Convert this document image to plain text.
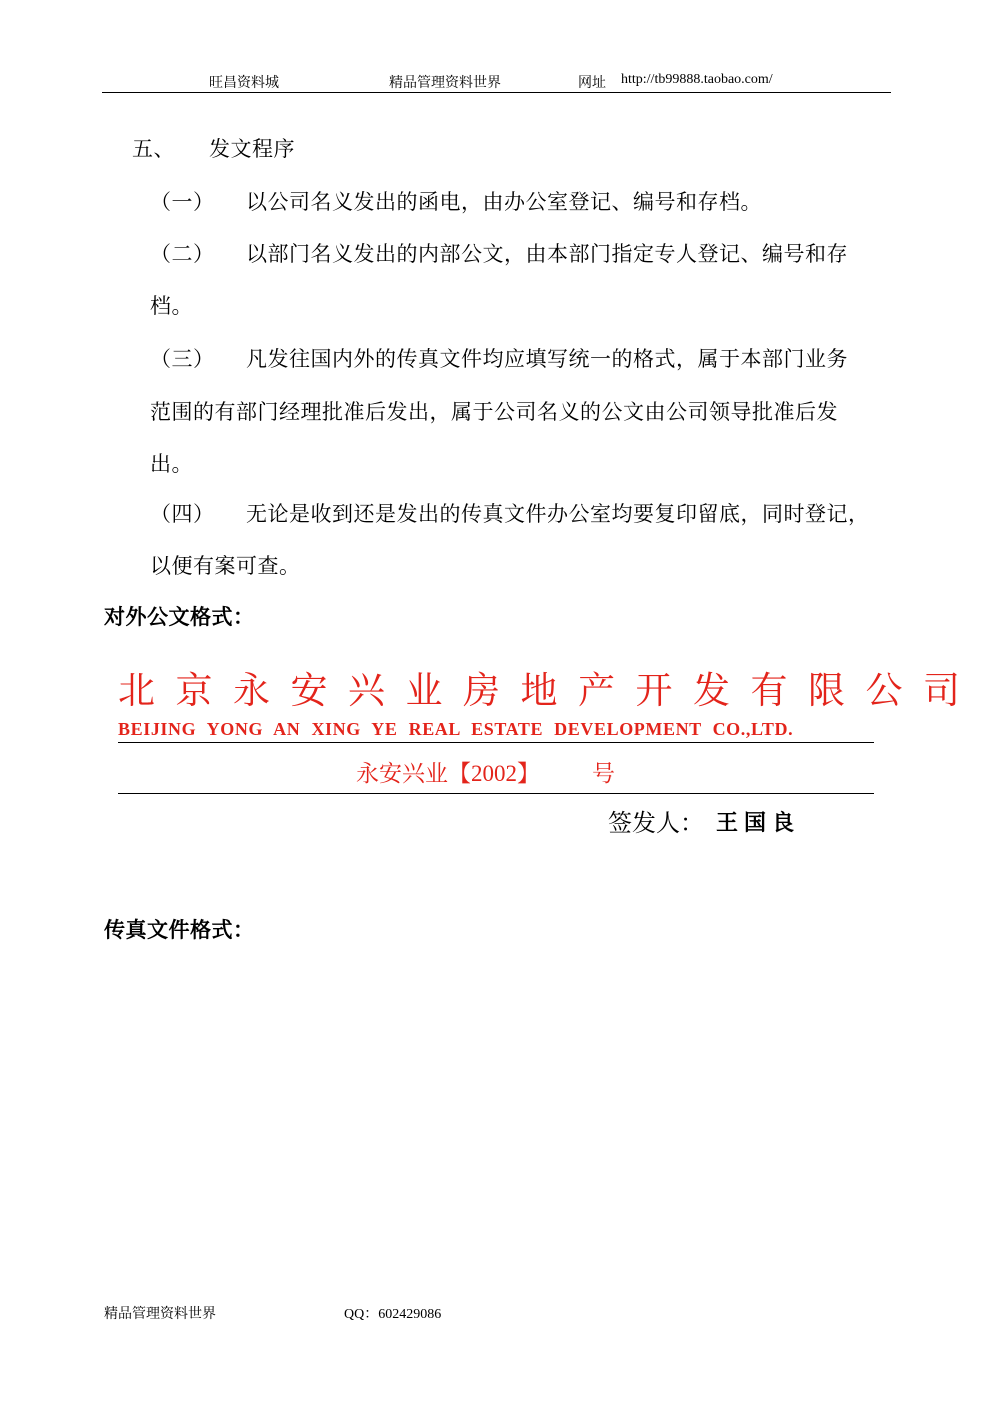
旺昌资料城	精品管理资料世界	网址 http://tb99888.taobao.com/
五、 发文程序
（一） 以公司名义发出的函电，由办公室登记、编号和存档。
（二） 以部门名义发出的内部公文，由本部门指定专人登记、编号和存
档。
（三） 凡发往国内外的传真文件均应填写统一的格式，属于本部门业务
范围的有部门经理批准后发出，属于公司名义的公文由公司领导批准后发
出。
（四） 无论是收到还是发出的传真文件办公室均要复印留底，同时登记，
以便有案可查。
对外公文格式：
北京永安兴业房地产开发有限公司
BEIJING YONG AN XING YE REAL ESTATE DEVELOPMENT CO.,LTD.
永安兴业【2002】 号
签发人： 王国良
传真文件格式：
精品管理资料世界	QQ：602429086
